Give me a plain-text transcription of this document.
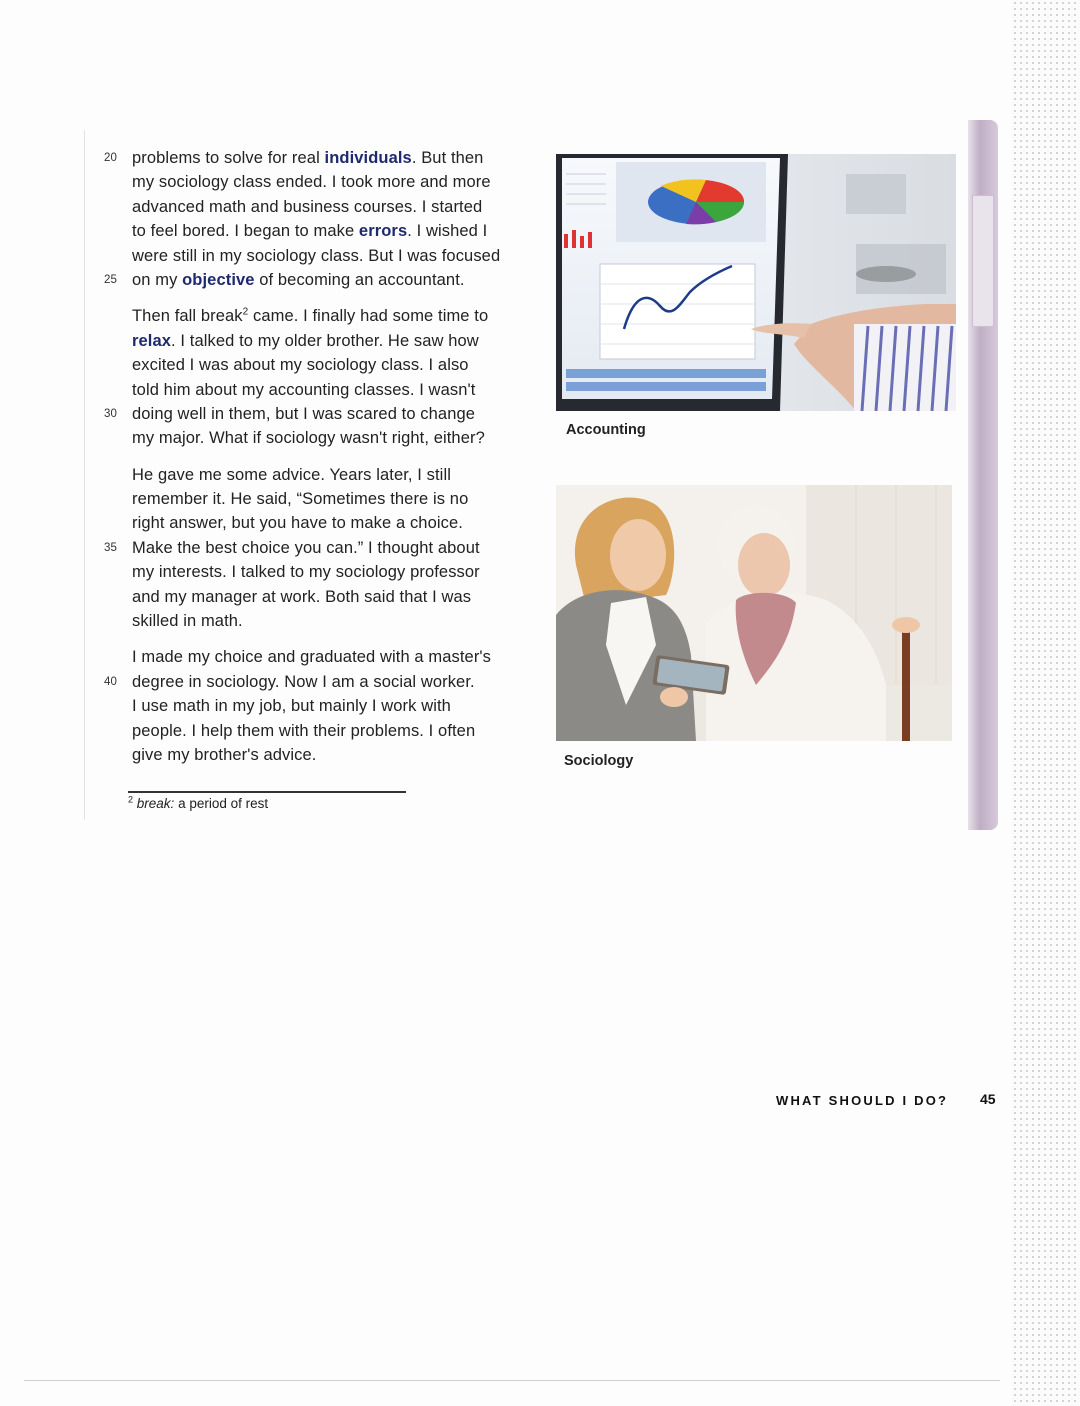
20 problems to solve for real individuals. But then
my sociology class ended. I took more and more
advanced math and business courses. I started
to feel bored. I began to make errors. I wished I
were still in my sociology class. But I was focused
25 on my objective of becoming an accountant.
Then fall break$^2$ came. I finally had some time to
relax. I talked to my older brother. He saw how
excited I was about my sociology class. I also
told him about my accounting classes. I wasn't
30 doing well in them, but I was scared to change
my major. What if sociology wasn't right, either?
He gave me some advice. Years later, I still
remember it. He said, “Sometimes there is no
right answer, but you have to make a choice.
35 Make the best choice you can.” I thought about
my interests. I talked to my sociology professor
and my manager at work. Both said that I was
skilled in math.
I made my choice and graduated with a master's
40 degree in sociology. Now I am a social worker.
I use math in my job, but mainly I work with
people. I help them with their problems. I often
give my brother's advice.
$^2$ break: a period of rest
Accounting
Sociology
WHAT SHOULD I DO? 45
